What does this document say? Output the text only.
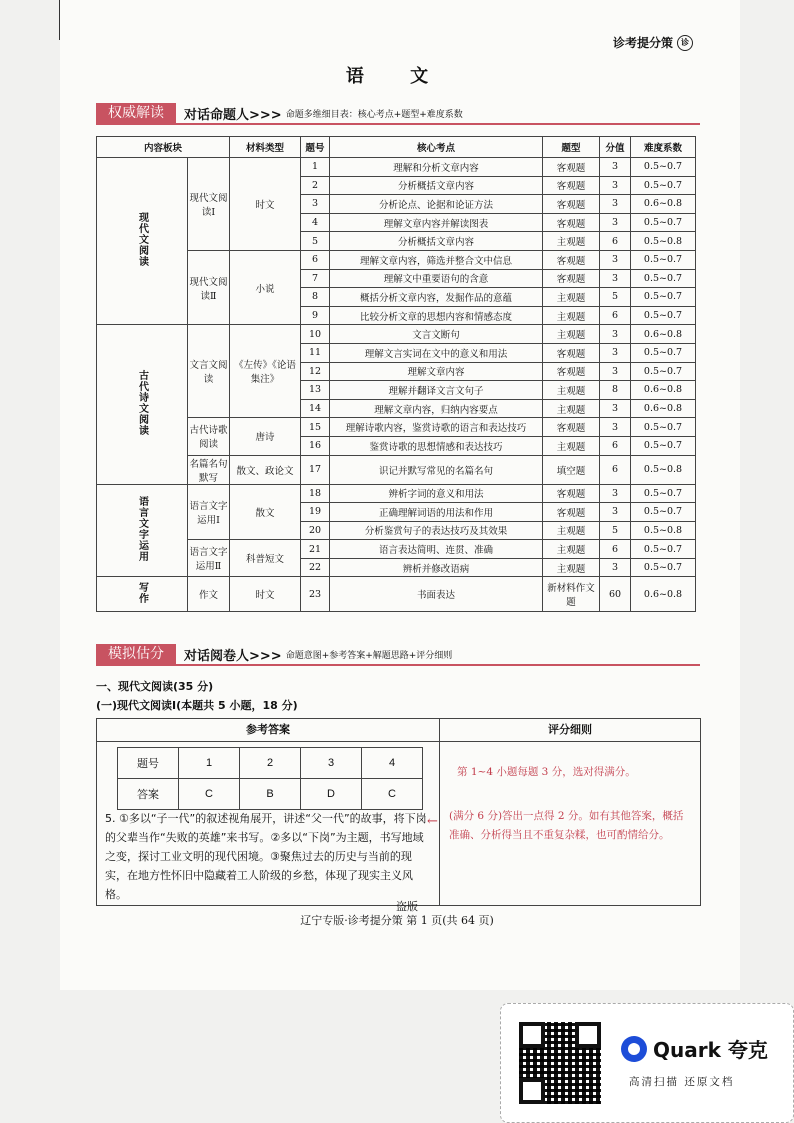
诊考提分策	诊
语 文
权威解读	对话命题人>>> 命题多维细目表：核心考点+题型+难度系数
内容板块		材料类型	题号	核心考点	题型	分值	难度系数
现代文阅读	现代文阅读Ⅰ	时文	1	理解和分析文章内容	客观题	3	0.5~0.7
			2	分析概括文章内容	客观题	3	0.5~0.7
			3	分析论点、论据和论证方法	客观题	3	0.6~0.8
			4	理解文章内容并解读图表	客观题	3	0.5~0.7
			5	分析概括文章内容	主观题	6	0.5~0.8
	现代文阅读Ⅱ	小说	6	理解文章内容，筛选并整合文中信息	客观题	3	0.5~0.7
			7	理解文中重要语句的含意	客观题	3	0.5~0.7
			8	概括分析文章内容，发掘作品的意蕴	主观题	5	0.5~0.7
			9	比较分析文章的思想内容和情感态度	主观题	6	0.5~0.7
古代诗文阅读	文言文阅读	《左传》《论语集注》	10	文言文断句	主观题	3	0.6~0.8
			11	理解文言实词在文中的意义和用法	客观题	3	0.5~0.7
			12	理解文章内容	客观题	3	0.5~0.7
			13	理解并翻译文言文句子	主观题	8	0.6~0.8
			14	理解文章内容，归纳内容要点	主观题	3	0.6~0.8
	古代诗歌阅读	唐诗	15	理解诗歌内容，鉴赏诗歌的语言和表达技巧	客观题	3	0.5~0.7
			16	鉴赏诗歌的思想情感和表达技巧	主观题	6	0.5~0.7
	名篇名句默写	散文、政论文	17	识记并默写常见的名篇名句	填空题	6	0.5~0.8
语言文字运用	语言文字运用Ⅰ	散文	18	辨析字词的意义和用法	客观题	3	0.5~0.7
			19	正确理解词语的用法和作用	客观题	3	0.5~0.7
			20	分析鉴赏句子的表达技巧及其效果	主观题	5	0.5~0.8
	语言文字运用Ⅱ	科普短文	21	语言表达简明、连贯、准确	主观题	6	0.5~0.7
			22	辨析并修改语病	主观题	3	0.5~0.7
写作	作文	时文	23	书面表达	新材料作文题	60	0.6~0.8
模拟估分	对话阅卷人>>> 命题意图+参考答案+解题思路+评分细则
一、现代文阅读(35 分)
(一)现代文阅读Ⅰ(本题共 5 小题，18 分)
参考答案	评分细则
题号	1	2	3	4
答案	C	B	D	C
5. ①多以“子一代”的叙述视角展开，讲述“父一代”的故事，将下岗的父辈当作“失败的英雄”来书写。②多以“下岗”为主题，书写地域之变，探讨工业文明的现代困境。③聚焦过去的历史与当前的现实，在地方性怀旧中隐藏着工人阶级的乡愁，体现了现实主义风格。
←
第 1~4 小题每题 3 分，选对得满分。
(满分 6 分)答出一点得 2 分。如有其他答案，概括准确、分析得当且不重复杂糅，也可酌情给分。
盗版
辽宁专版·诊考提分策 第 1 页(共 64 页)
Quark 夸克
高清扫描 还原文档
